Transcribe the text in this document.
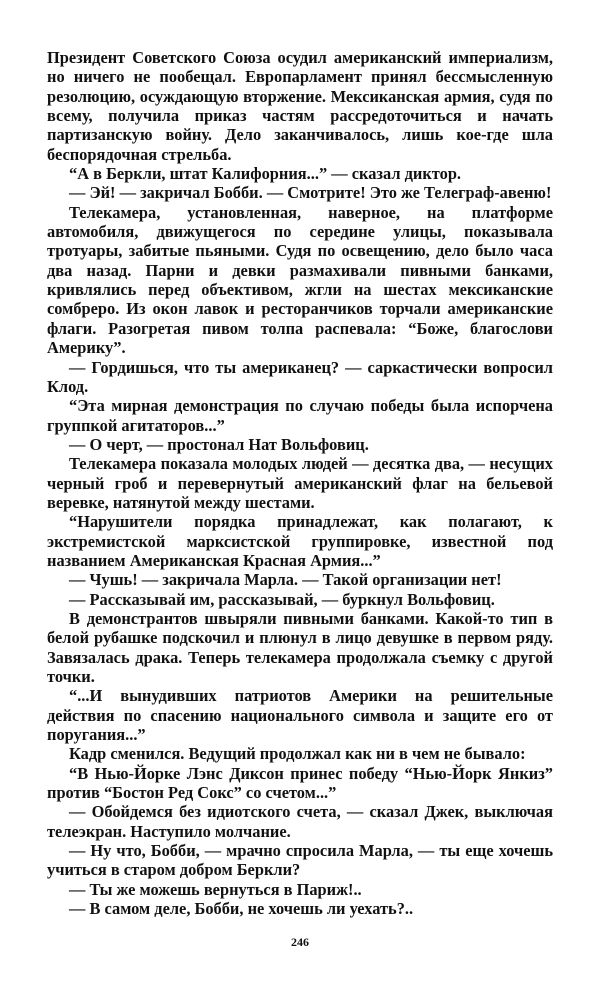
Президент Советского Союза осудил американский империализм, но ничего не пообещал. Европарламент принял бессмысленную резолюцию, осуждающую вторжение. Мексиканская армия, судя по всему, получила приказ частям рассредоточиться и начать партизанскую войну. Дело заканчивалось, лишь кое-где шла беспорядочная стрельба.

“А в Беркли, штат Калифорния...” — сказал диктор.

— Эй! — закричал Бобби. — Смотрите! Это же Телеграф-авеню!

Телекамера, установленная, наверное, на платформе автомобиля, движущегося по середине улицы, показывала тротуары, забитые пьяными. Судя по освещению, дело было часа два назад. Парни и девки размахивали пивными банками, кривлялись перед объективом, жгли на шестах мексиканские сомбреро. Из окон лавок и ресторанчиков торчали американские флаги. Разогретая пивом толпа распевала: “Боже, благослови Америку”.

— Гордишься, что ты американец? — саркастически вопросил Клод.

“Эта мирная демонстрация по случаю победы была испорчена группкой агитаторов...”

— О черт, — простонал Нат Вольфовиц.

Телекамера показала молодых людей — десятка два, — несущих черный гроб и перевернутый американский флаг на бельевой веревке, натянутой между шестами.

“Нарушители порядка принадлежат, как полагают, к экстремистской марксистской группировке, известной под названием Американская Красная Армия...”

— Чушь! — закричала Марла. — Такой организации нет!

— Рассказывай им, рассказывай, — буркнул Вольфовиц.

В демонстрантов швыряли пивными банками. Какой-то тип в белой рубашке подскочил и плюнул в лицо девушке в первом ряду. Завязалась драка. Теперь телекамера продолжала съемку с другой точки.

“...И вынудивших патриотов Америки на решительные действия по спасению национального символа и защите его от поругания...”

Кадр сменился. Ведущий продолжал как ни в чем не бывало:

“В Нью-Йорке Лэнс Диксон принес победу “Нью-Йорк Янкиз” против “Бостон Ред Сокс” со счетом...”

— Обойдемся без идиотского счета, — сказал Джек, выключая телеэкран. Наступило молчание.

— Ну что, Бобби, — мрачно спросила Марла, — ты еще хочешь учиться в старом добром Беркли?

— Ты же можешь вернуться в Париж!..

— В самом деле, Бобби, не хочешь ли уехать?..

246
